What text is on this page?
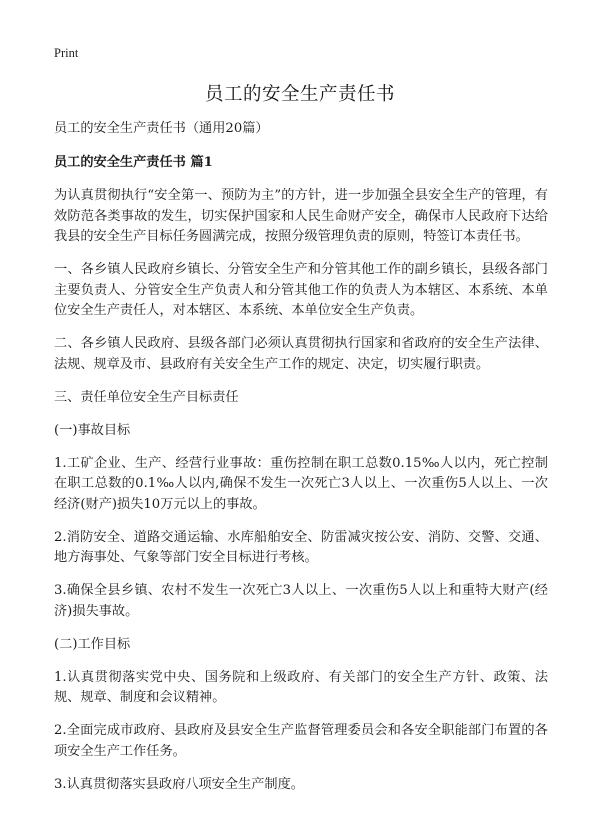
Print
员工的安全生产责任书

员工的安全生产责任书（通用20篇）

员工的安全生产责任书 篇1

为认真贯彻执行“安全第一、预防为主”的方针，进一步加强全县安全生产的管理，有效防范各类事故的发生，切实保护国家和人民生命财产安全，确保市人民政府下达给我县的安全生产目标任务圆满完成，按照分级管理负责的原则，特签订本责任书。

一、各乡镇人民政府乡镇长、分管安全生产和分管其他工作的副乡镇长，县级各部门主要负责人、分管安全生产负责人和分管其他工作的负责人为本辖区、本系统、本单位安全生产责任人，对本辖区、本系统、本单位安全生产负责。

二、各乡镇人民政府、县级各部门必须认真贯彻执行国家和省政府的安全生产法律、法规、规章及市、县政府有关安全生产工作的规定、决定，切实履行职责。

三、责任单位安全生产目标责任

(一)事故目标

1.工矿企业、生产、经营行业事故：重伤控制在职工总数0.15‰人以内，死亡控制在职工总数的0.1‰人以内,确保不发生一次死亡3人以上、一次重伤5人以上、一次经济(财产)损失10万元以上的事故。

2.消防安全、道路交通运输、水库船舶安全、防雷减灾按公安、消防、交警、交通、地方海事处、气象等部门安全目标进行考核。

3.确保全县乡镇、农村不发生一次死亡3人以上、一次重伤5人以上和重特大财产(经济)损失事故。

(二)工作目标

1.认真贯彻落实党中央、国务院和上级政府、有关部门的安全生产方针、政策、法规、规章、制度和会议精神。

2.全面完成市政府、县政府及县安全生产监督管理委员会和各安全职能部门布置的各项安全生产工作任务。

3.认真贯彻落实县政府八项安全生产制度。
